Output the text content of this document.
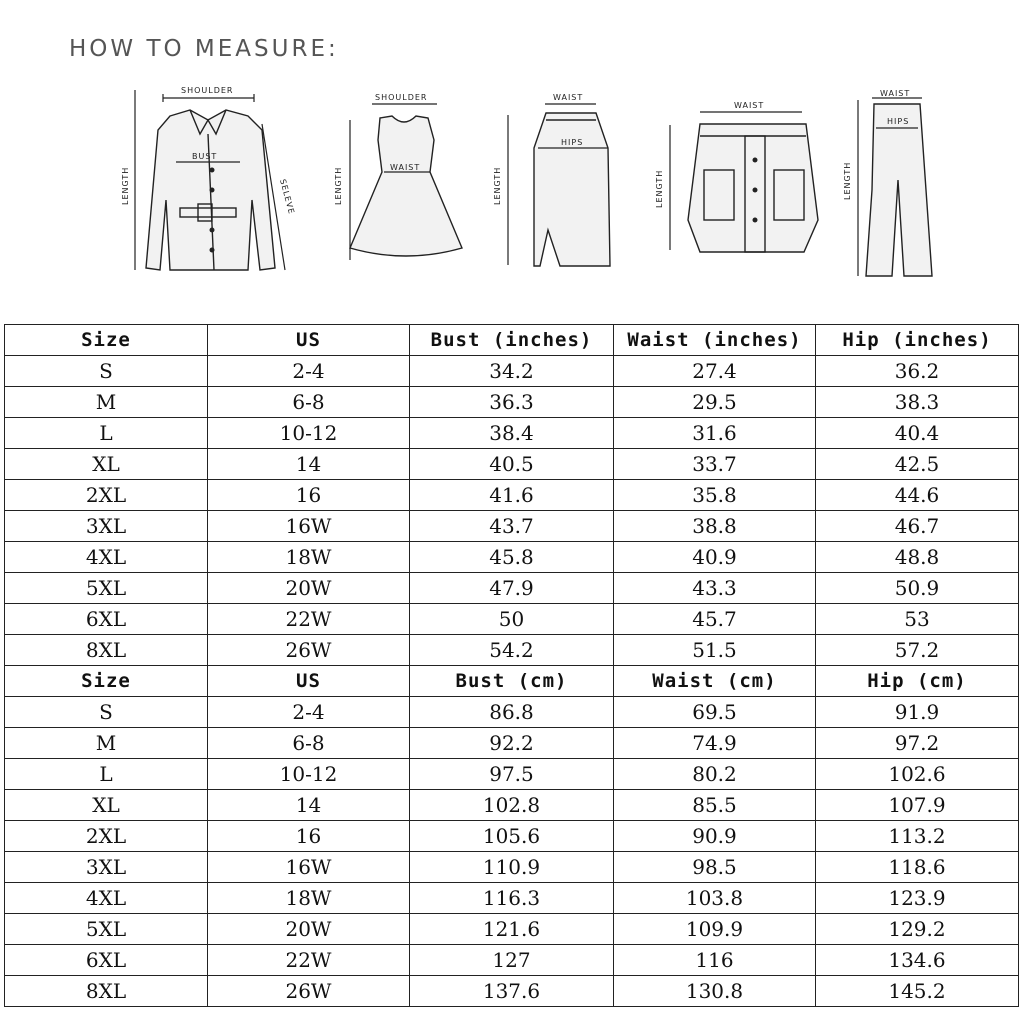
HOW TO MEASURE:
SHOULDER
LENGTH
BUST
SELEVE
SHOULDER
LENGTH	WAIST
WAIST
LENGTH
HIPS
WAIST
LENGTH
WAIST
LENGTH
HIPS
Size	US	Bust (inches)	Waist (inches)	Hip (inches)
S	2-4	34.2	27.4	36.2
M	6-8	36.3	29.5	38.3
L	10-12	38.4	31.6	40.4
XL	14	40.5	33.7	42.5
2XL	16	41.6	35.8	44.6
3XL	16W	43.7	38.8	46.7
4XL	18W	45.8	40.9	48.8
5XL	20W	47.9	43.3	50.9
6XL	22W	50	45.7	53
8XL	26W	54.2	51.5	57.2
Size	US	Bust (cm)	Waist (cm)	Hip (cm)
S	2-4	86.8	69.5	91.9
M	6-8	92.2	74.9	97.2
L	10-12	97.5	80.2	102.6
XL	14	102.8	85.5	107.9
2XL	16	105.6	90.9	113.2
3XL	16W	110.9	98.5	118.6
4XL	18W	116.3	103.8	123.9
5XL	20W	121.6	109.9	129.2
6XL	22W	127	116	134.6
8XL	26W	137.6	130.8	145.2
